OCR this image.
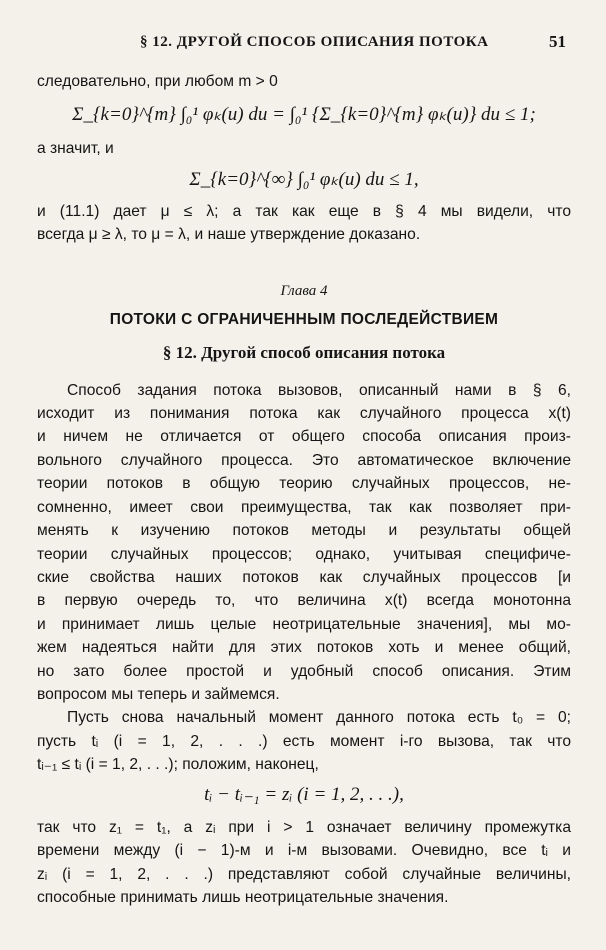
§ 12. ДРУГОЙ СПОСОБ ОПИСАНИЯ ПОТОКА	51
следовательно, при любом m > 0
Σ_{k=0}^{m} ∫₀¹ φₖ(u) du = ∫₀¹ {Σ_{k=0}^{m} φₖ(u)} du ≤ 1;
а значит, и
Σ_{k=0}^{∞} ∫₀¹ φₖ(u) du ≤ 1,
и (11.1) дает μ ≤ λ; а так как еще в § 4 мы видели, что
всегда μ ≥ λ, то μ = λ, и наше утверждение доказано.
Глава 4
ПОТОКИ С ОГРАНИЧЕННЫМ ПОСЛЕДЕЙСТВИЕМ
§ 12. Другой способ описания потока
Способ задания потока вызовов, описанный нами в § 6,
исходит из понимания потока как случайного процесса x(t)
и ничем не отличается от общего способа описания произ-
вольного случайного процесса. Это автоматическое включение
теории потоков в общую теорию случайных процессов, не-
сомненно, имеет свои преимущества, так как позволяет при-
менять к изучению потоков методы и результаты общей
теории случайных процессов; однако, учитывая специфиче-
ские свойства наших потоков как случайных процессов [и
в первую очередь то, что величина x(t) всегда монотонна
и принимает лишь целые неотрицательные значения], мы мо-
жем надеяться найти для этих потоков хоть и менее общий,
но зато более простой и удобный способ описания. Этим
вопросом мы теперь и займемся.
Пусть снова начальный момент данного потока есть t₀ = 0;
пусть tᵢ (i = 1, 2, . . .) есть момент i-го вызова, так что
tᵢ₋₁ ≤ tᵢ (i = 1, 2, . . .); положим, наконец,
tᵢ − tᵢ₋₁ = zᵢ (i = 1, 2, . . .),
так что z₁ = t₁, а zᵢ при i > 1 означает величину промежутка
времени между (i − 1)-м и i-м вызовами. Очевидно, все tᵢ и
zᵢ (i = 1, 2, . . .) представляют собой случайные величины,
способные принимать лишь неотрицательные значения.
